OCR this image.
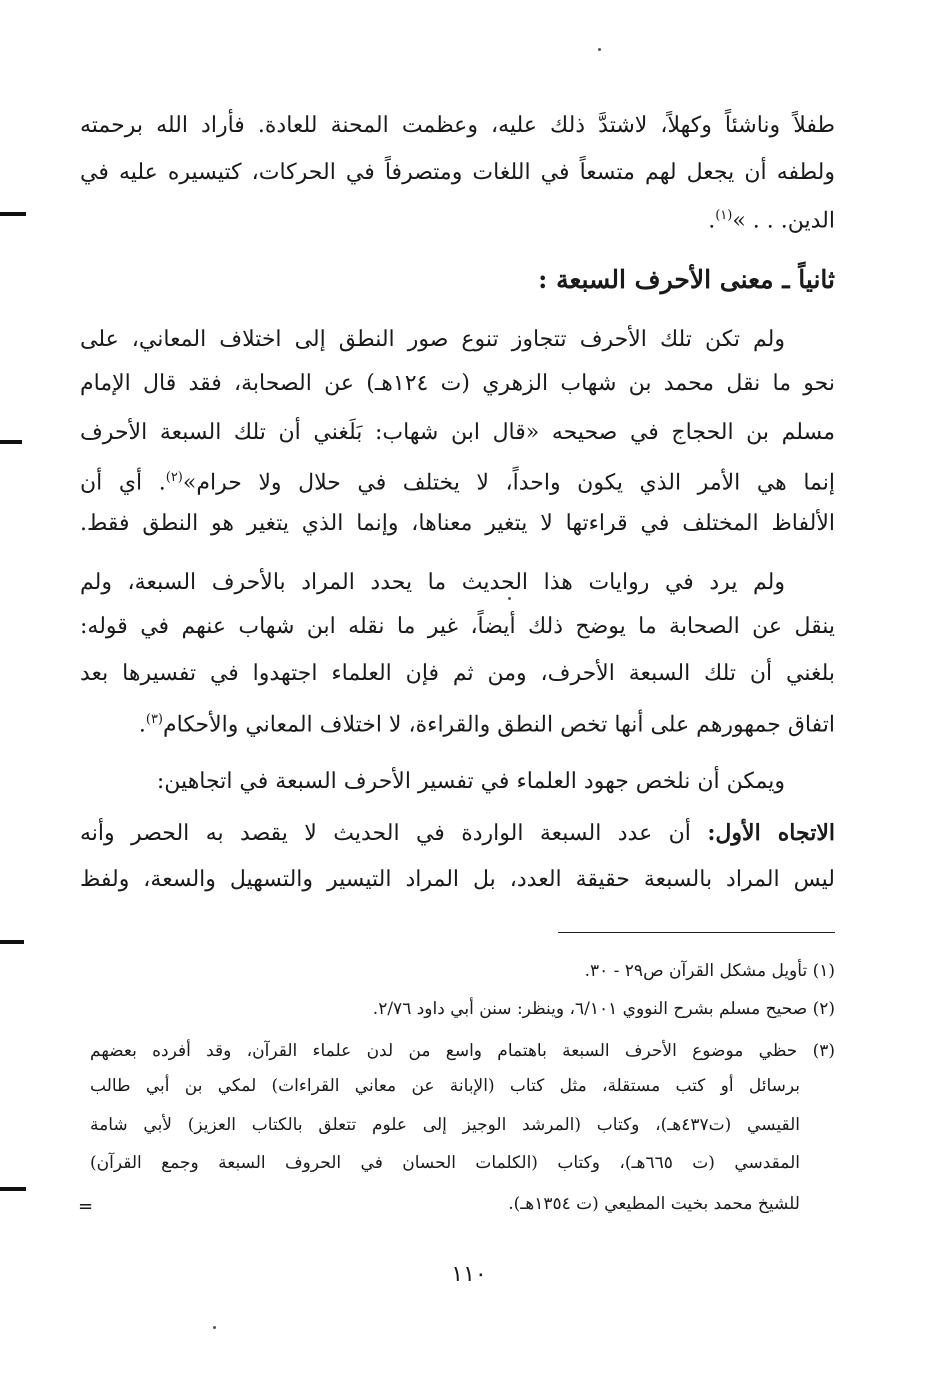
طفلاً وناشئاً وكهلاً، لاشتدَّ ذلك عليه، وعظمت المحنة للعادة. فأراد الله برحمته
ولطفه أن يجعل لهم متسعاً في اللغات ومتصرفاً في الحركات، كتيسيره عليه في
الدين. . . »$^{(١)}$.
ثانياً ـ معنى الأحرف السبعة :
ولم تكن تلك الأحرف تتجاوز تنوع صور النطق إلى اختلاف المعاني، على
نحو ما نقل محمد بن شهاب الزهري (ت ١٢٤هـ) عن الصحابة، فقد قال الإمام
مسلم بن الحجاج في صحيحه «قال ابن شهاب: بَلَغني أن تلك السبعة الأحرف
إنما هي الأمر الذي يكون واحداً، لا يختلف في حلال ولا حرام»$^{(٢)}$. أي أن
الألفاظ المختلف في قراءتها لا يتغير معناها، وإنما الذي يتغير هو النطق فقط.
ولم يرد في روايات هذا الحديث ما يحدد المراد بالأحرف السبعة، ولم
ينقل عن الصحابة ما يوضح ذلك أيضاً، غير ما نقله ابن شهاب عنهم في قوله:
بلغني أن تلك السبعة الأحرف، ومن ثم فإن العلماء اجتهدوا في تفسيرها بعد
اتفاق جمهورهم على أنها تخص النطق والقراءة، لا اختلاف المعاني والأحكام$^{(٣)}$.
ويمكن أن نلخص جهود العلماء في تفسير الأحرف السبعة في اتجاهين:
الاتجاه الأول: أن عدد السبعة الواردة في الحديث لا يقصد به الحصر وأنه
ليس المراد بالسبعة حقيقة العدد، بل المراد التيسير والتسهيل والسعة، ولفظ
(١) تأويل مشكل القرآن ص٢٩ - ٣٠.
(٢) صحيح مسلم بشرح النووي ٦/١٠١، وينظر: سنن أبي داود ٢/٧٦.
(٣) حظي موضوع الأحرف السبعة باهتمام واسع من لدن علماء القرآن، وقد أفرده بعضهم
برسائل أو كتب مستقلة، مثل كتاب (الإبانة عن معاني القراءات) لمكي بن أبي طالب
القيسي (ت٤٣٧هـ)، وكتاب (المرشد الوجيز إلى علوم تتعلق بالكتاب العزيز) لأبي شامة
المقدسي (ت ٦٦٥هـ)، وكتاب (الكلمات الحسان في الحروف السبعة وجمع القرآن)
للشيخ محمد بخيت المطيعي (ت ١٣٥٤هـ).
=
١١٠
